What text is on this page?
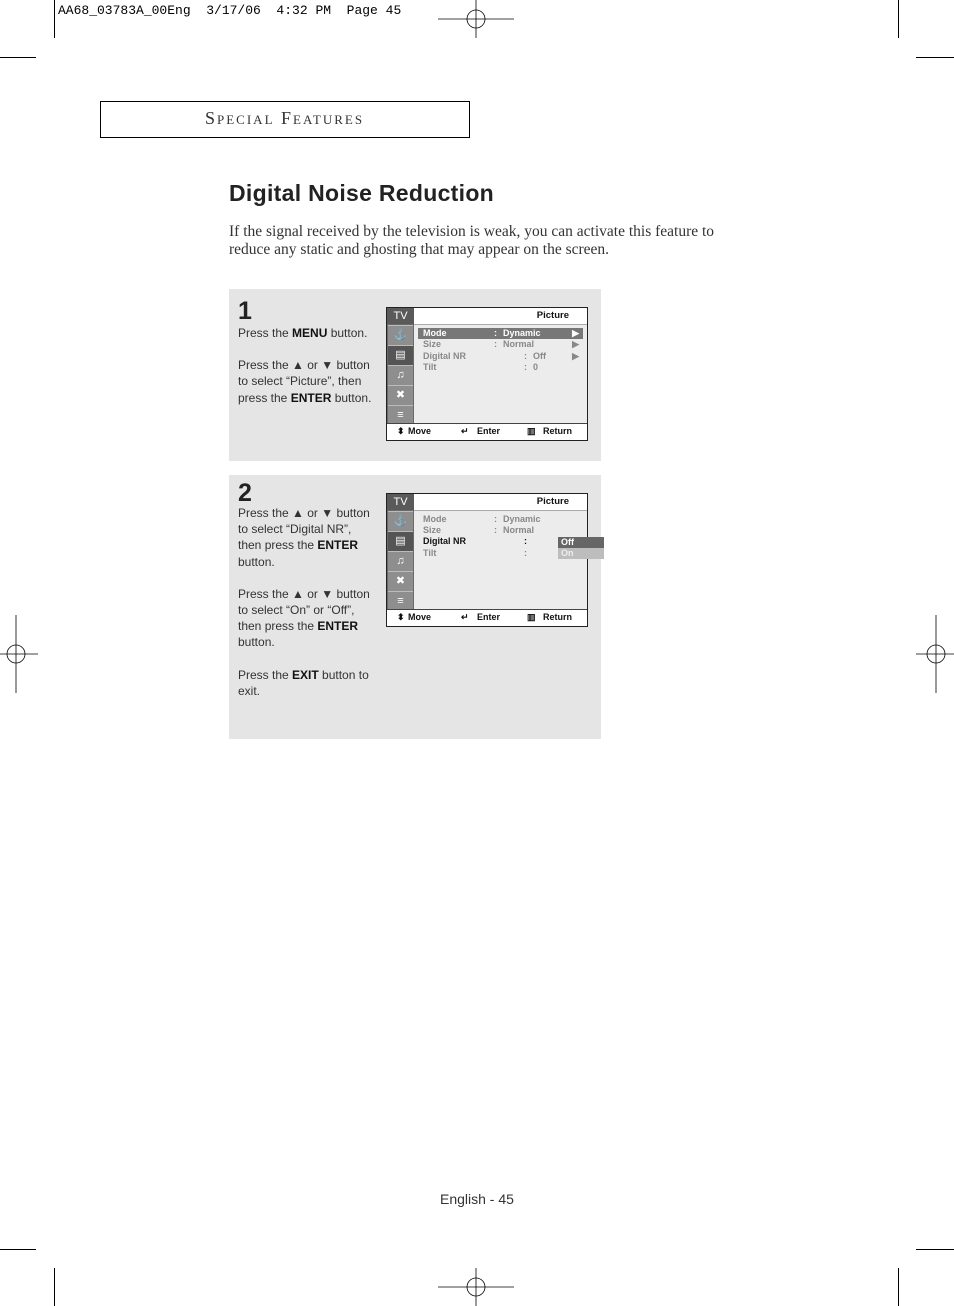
AA68_03783A_00Eng  3/17/06  4:32 PM  Page 45
Special Features
Digital Noise Reduction
If the signal received by the television is weak, you can activate this feature to reduce any static and ghosting that may appear on the screen.
1

Press the MENU button.

Press the ▲ or ▼ button to select “Picture”, then press the ENTER button.

TV
⚓
▤
♫
✖
≡
Picture
Mode	: Dynamic	▶
Size	: Normal	▶
Digital NR	: Off	▶
Tilt	: 0
⬍ Move	↵ Enter	▥ Return
2

Press the ▲ or ▼ button to select “Digital NR”, then press the ENTER button.

Press the ▲ or ▼ button to select “On” or “Off”, then press the ENTER button.

Press the EXIT button to exit.

TV
⚓
▤
♫
✖
≡
Picture
Mode	: Dynamic
Size	: Normal
Digital NR	:
Tilt	:
Off
On
⬍ Move	↵ Enter	▥ Return
English - 45
